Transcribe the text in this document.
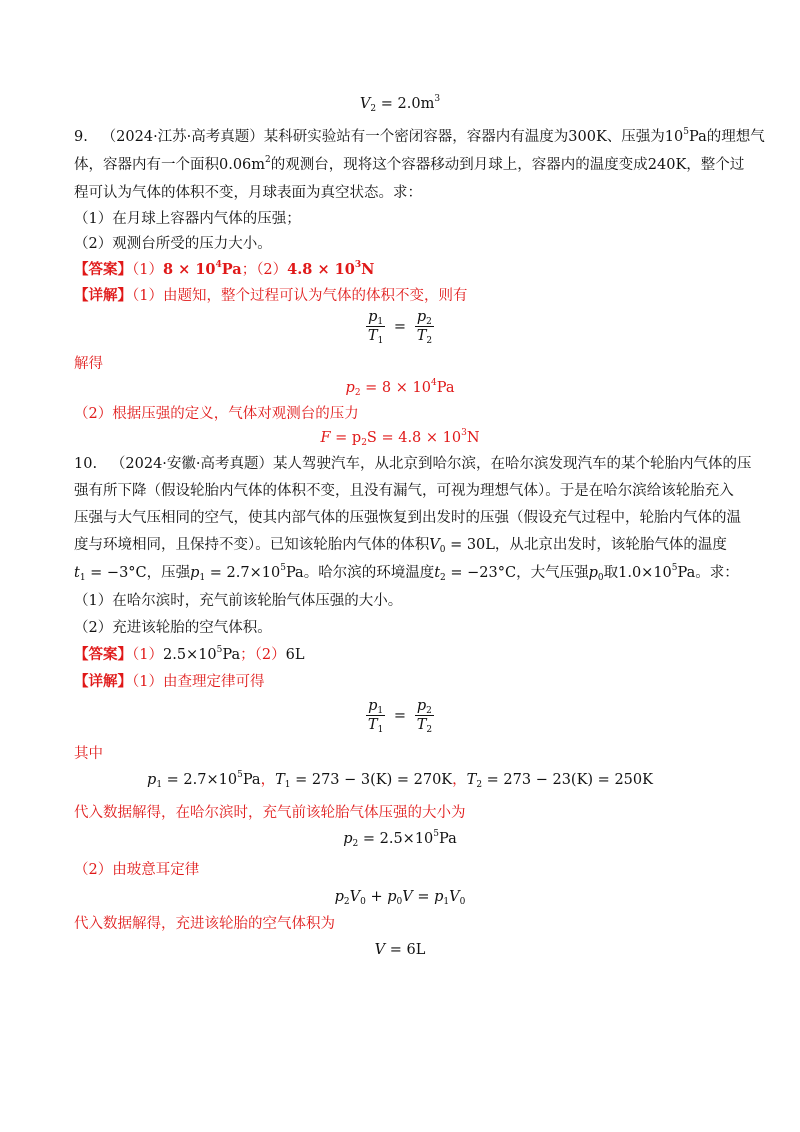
$V_2 = 2.0m^3$
9. （2024·江苏·高考真题）某科研实验站有一个密闭容器，容器内有温度为300K、压强为$10^5Pa$的理想气
体，容器内有一个面积$0.06m^2$的观测台，现将这个容器移动到月球上，容器内的温度变成240K，整个过
程可认为气体的体积不变，月球表面为真空状态。求：
（1）在月球上容器内气体的压强；
（2）观测台所受的压力大小。
【答案】$(1)8 \times 10^4Pa$；$(2)4.8 \times 10^3N$
【详解】（1）由题知，整个过程可认为气体的体积不变，则有
$\frac{p_1}{T_1} = \frac{p_2}{T_2}$
解得
$p_2 = 8 \times 10^4Pa$
（2）根据压强的定义，气体对观测台的压力
$F = p_2S = 4.8 \times 10^3N$
10. （2024·安徽·高考真题）某人驾驶汽车，从北京到哈尔滨，在哈尔滨发现汽车的某个轮胎内气体的压
强有所下降（假设轮胎内气体的体积不变，且没有漏气，可视为理想气体）。于是在哈尔滨给该轮胎充入
压强与大气压相同的空气，使其内部气体的压强恢复到出发时的压强（假设充气过程中，轮胎内气体的温
度与环境相同，且保持不变）。已知该轮胎内气体的体积$V_0 = 30L$，从北京出发时，该轮胎气体的温度
$t_1 = -3^\circ C$，压强$p_1 = 2.7\times 10^5Pa$。哈尔滨的环境温度$t_2 = -23^\circ C$，大气压强$p_0$取$1.0\times 10^5Pa$。求：
（1）在哈尔滨时，充气前该轮胎气体压强的大小。
（2）充进该轮胎的空气体积。
【答案】$(1)2.5\times 10^5Pa$；（2）6L
【详解】（1）由查理定律可得
$\frac{p_1}{T_1} = \frac{p_2}{T_2}$
其中
$p_1 = 2.7\times 10^5Pa$，$T_1 = 273 - 3(K) = 270K$，$T_2 = 273 - 23(K) = 250K$
代入数据解得，在哈尔滨时，充气前该轮胎气体压强的大小为
$p_2 = 2.5\times 10^5Pa$
（2）由玻意耳定律
$p_2V_0 + p_0V = p_1V_0$
代入数据解得，充进该轮胎的空气体积为
V = 6L
